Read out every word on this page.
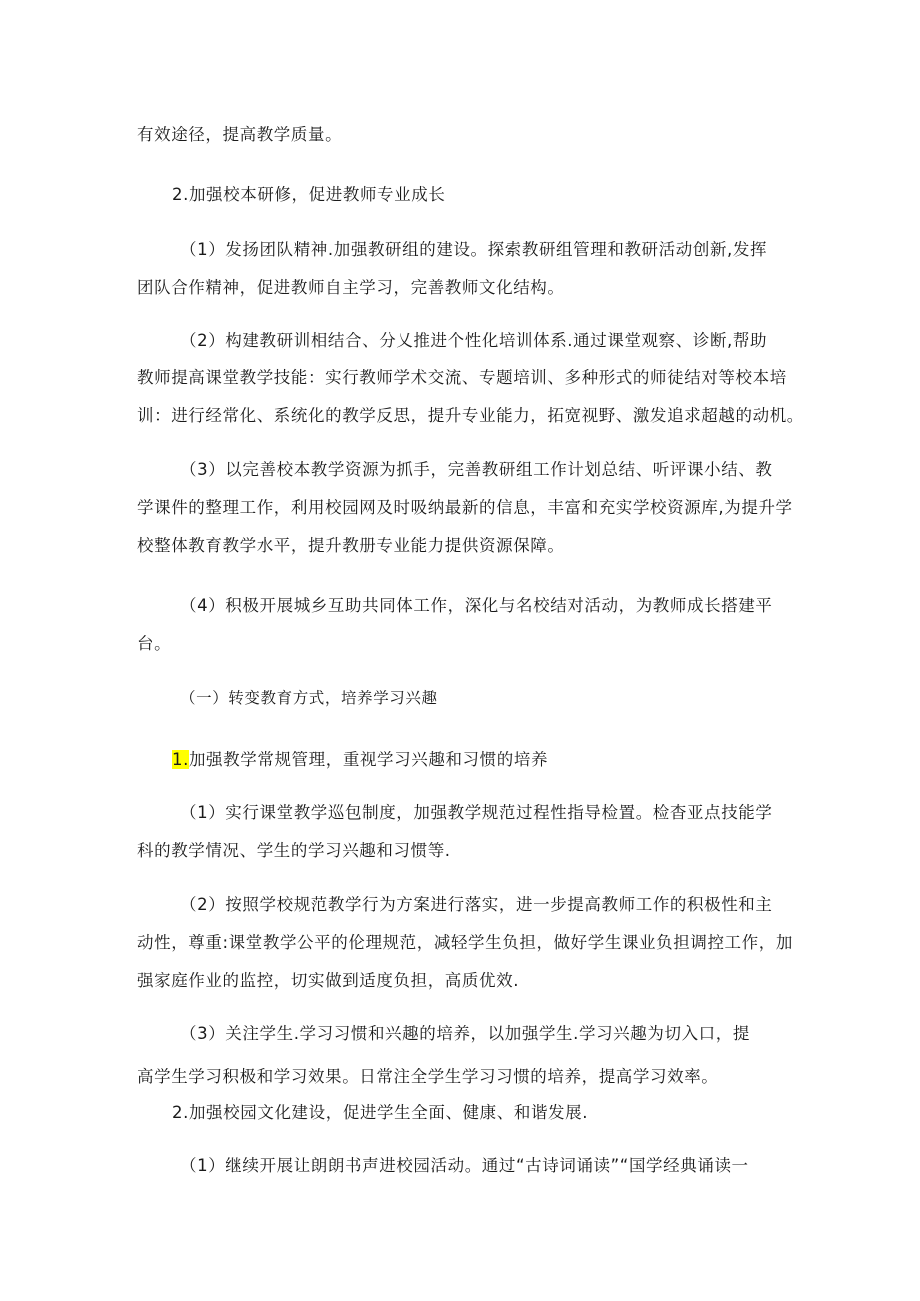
有效途径，提高教学质量。
2.加强校本研修，促进教师专业成长
（1）发扬团队精神.加强教研组的建设。探索教研组管理和教研活动创新,发挥
团队合作精神，促进教师自主学习，完善教师文化结构。
（2）构建教研训相结合、分乂推进个性化培训体系.通过课堂观察、诊断,帮助
教师提高课堂教学技能：实行教师学术交流、专题培训、多种形式的师徒结对等校本培
训：进行经常化、系统化的教学反思，提升专业能力，拓宽视野、激发追求超越的动机。
（3）以完善校本教学资源为抓手，完善教研组工作计划总结、听评课小结、教
学课件的整理工作，利用校园网及时吸纳最新的信息，丰富和充实学校资源库,为提升学
校整体教育教学水平，提升教册专业能力提供资源保障。
（4）积极开展城乡互助共同体工作，深化与名校结对活动，为教师成长搭建平
台。
（一）转变教育方式，培养学习兴趣
1.加强教学常规管理，重视学习兴趣和习惯的培养
（1）实行课堂教学巡包制度，加强教学规范过程性指导检置。检杳亚点技能学
科的教学情况、学生的学习兴趣和习惯等.
（2）按照学校规范教学行为方案进行落实，进一步提高教师工作的积极性和主
动性，尊重:课堂教学公平的伦理规范，减轻学生负担，做好学生课业负担调控工作，加
强家庭作业的监控，切实做到适度负担，高质优效.
（3）关注学生.学习习惯和兴趣的培养，以加强学生.学习兴趣为切入口，提
高学生学习积极和学习效果。日常注全学生学习习惯的培养，提高学习效率。
2.加强校园文化建设，促进学生全面、健康、和谐发展.
（1）继续开展让朗朗书声进校园活动。通过“古诗词诵读”“国学经典诵读一
